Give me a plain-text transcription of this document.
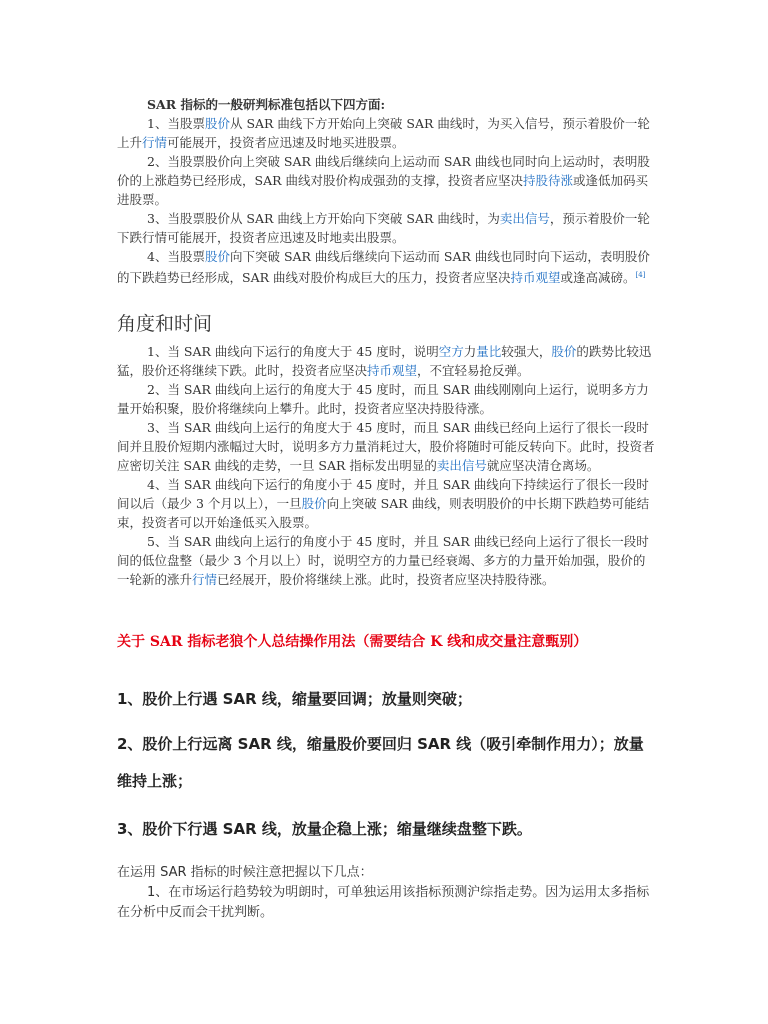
SAR 指标的一般研判标准包括以下四方面:

1、当股票股价从 SAR 曲线下方开始向上突破 SAR 曲线时，为买入信号，预示着股价一轮上升行情可能展开，投资者应迅速及时地买进股票。

2、当股票股价向上突破 SAR 曲线后继续向上运动而 SAR 曲线也同时向上运动时，表明股价的上涨趋势已经形成，SAR 曲线对股价构成强劲的支撑，投资者应坚决持股待涨或逢低加码买进股票。

3、当股票股价从 SAR 曲线上方开始向下突破 SAR 曲线时，为卖出信号，预示着股价一轮下跌行情可能展开，投资者应迅速及时地卖出股票。

4、当股票股价向下突破 SAR 曲线后继续向下运动而 SAR 曲线也同时向下运动，表明股价的下跌趋势已经形成，SAR 曲线对股价构成巨大的压力，投资者应坚决持币观望或逢高减磅。[4]

角度和时间

1、当 SAR 曲线向下运行的角度大于 45 度时，说明空方力量比较强大，股价的跌势比较迅猛，股价还将继续下跌。此时，投资者应坚决持币观望，不宜轻易抢反弹。

2、当 SAR 曲线向上运行的角度大于 45 度时，而且 SAR 曲线刚刚向上运行，说明多方力量开始积聚，股价将继续向上攀升。此时，投资者应坚决持股待涨。

3、当 SAR 曲线向上运行的角度大于 45 度时，而且 SAR 曲线已经向上运行了很长一段时间并且股价短期内涨幅过大时，说明多方力量消耗过大，股价将随时可能反转向下。此时，投资者应密切关注 SAR 曲线的走势，一旦 SAR 指标发出明显的卖出信号就应坚决清仓离场。

4、当 SAR 曲线向下运行的角度小于 45 度时，并且 SAR 曲线向下持续运行了很长一段时间以后（最少 3 个月以上），一旦股价向上突破 SAR 曲线，则表明股价的中长期下跌趋势可能结束，投资者可以开始逢低买入股票。

5、当 SAR 曲线向上运行的角度小于 45 度时，并且 SAR 曲线已经向上运行了很长一段时间的低位盘整（最少 3 个月以上）时，说明空方的力量已经衰竭、多方的力量开始加强，股价的一轮新的涨升行情已经展开，股价将继续上涨。此时，投资者应坚决持股待涨。

关于 SAR 指标老狼个人总结操作用法（需要结合 K 线和成交量注意甄别）
1、股价上行遇 SAR 线，缩量要回调；放量则突破；
2、股价上行远离 SAR 线，缩量股价要回归 SAR 线（吸引牵制作用力）；放量维持上涨；
3、股价下行遇 SAR 线，放量企稳上涨；缩量继续盘整下跌。

在运用 SAR 指标的时候注意把握以下几点：

1、在市场运行趋势较为明朗时，可单独运用该指标预测沪综指走势。因为运用太多指标在分析中反而会干扰判断。
